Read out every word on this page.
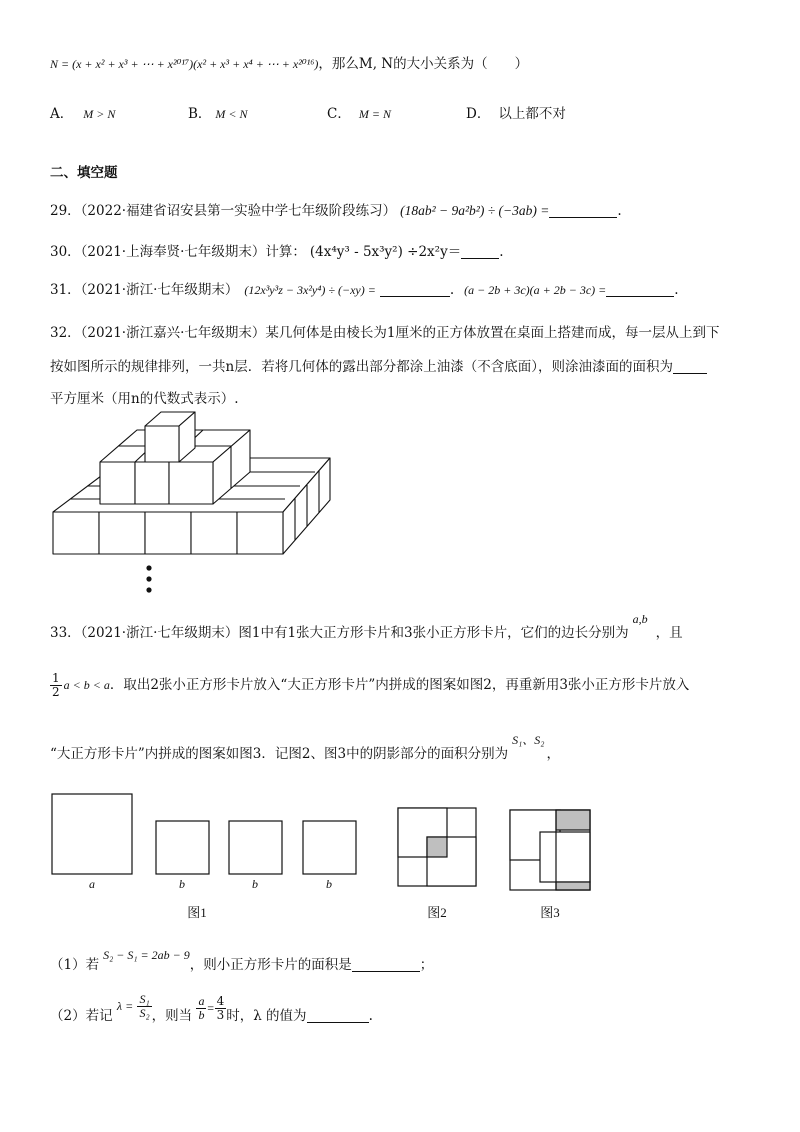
N = (x + x² + x³ + ⋯ + x²⁰¹⁷)(x² + x³ + x⁴ + ⋯ + x²⁰¹⁶)，那么M, N的大小关系为（　　）
A． M > N	B． M < N	C． M = N	D． 以上都不对
二、填空题
29．（2022·福建省诏安县第一实验中学七年级阶段练习） (18ab² − 9a²b²) ÷ (−3ab) =	.
30．（2021·上海奉贤·七年级期末）计算： (4x⁴y³ - 5x³y²) ÷2x²y＝	.
31．（2021·浙江·七年级期末） (12x³y³z − 3x²y⁴) ÷ (−xy) =	. (a − 2b + 3c)(a + 2b − 3c) =	.
32．（2021·浙江嘉兴·七年级期末）某几何体是由棱长为1厘米的正方体放置在桌面上搭建而成，每一层从上到下
按如图所示的规律排列，一共n层．若将几何体的露出部分都涂上油漆（不含底面），则涂油漆面的面积为
平方厘米（用n的代数式表示）.
33．（2021·浙江·七年级期末）图1中有1张大正方形卡片和3张小正方形卡片，它们的边长分别为a,b，且
$\frac{1}{2}$ a < b < a．取出2张小正方形卡片放入“大正方形卡片”内拼成的图案如图2，再重新用3张小正方形卡片放入
“大正方形卡片”内拼成的图案如图3．记图2、图3中的阴影部分的面积分别为S₁、S₂，
a	b	b	b
图1	图2	图3
（1）若S₂ − S₁ = 2ab − 9，则小正方形卡片的面积是	；
（2）若记 $\lambda = \frac{\text{S₁}}{\text{S₂}}$ ，则当 $\frac{a}{b} = \frac{4}{3}$ 时，λ 的值为	.
